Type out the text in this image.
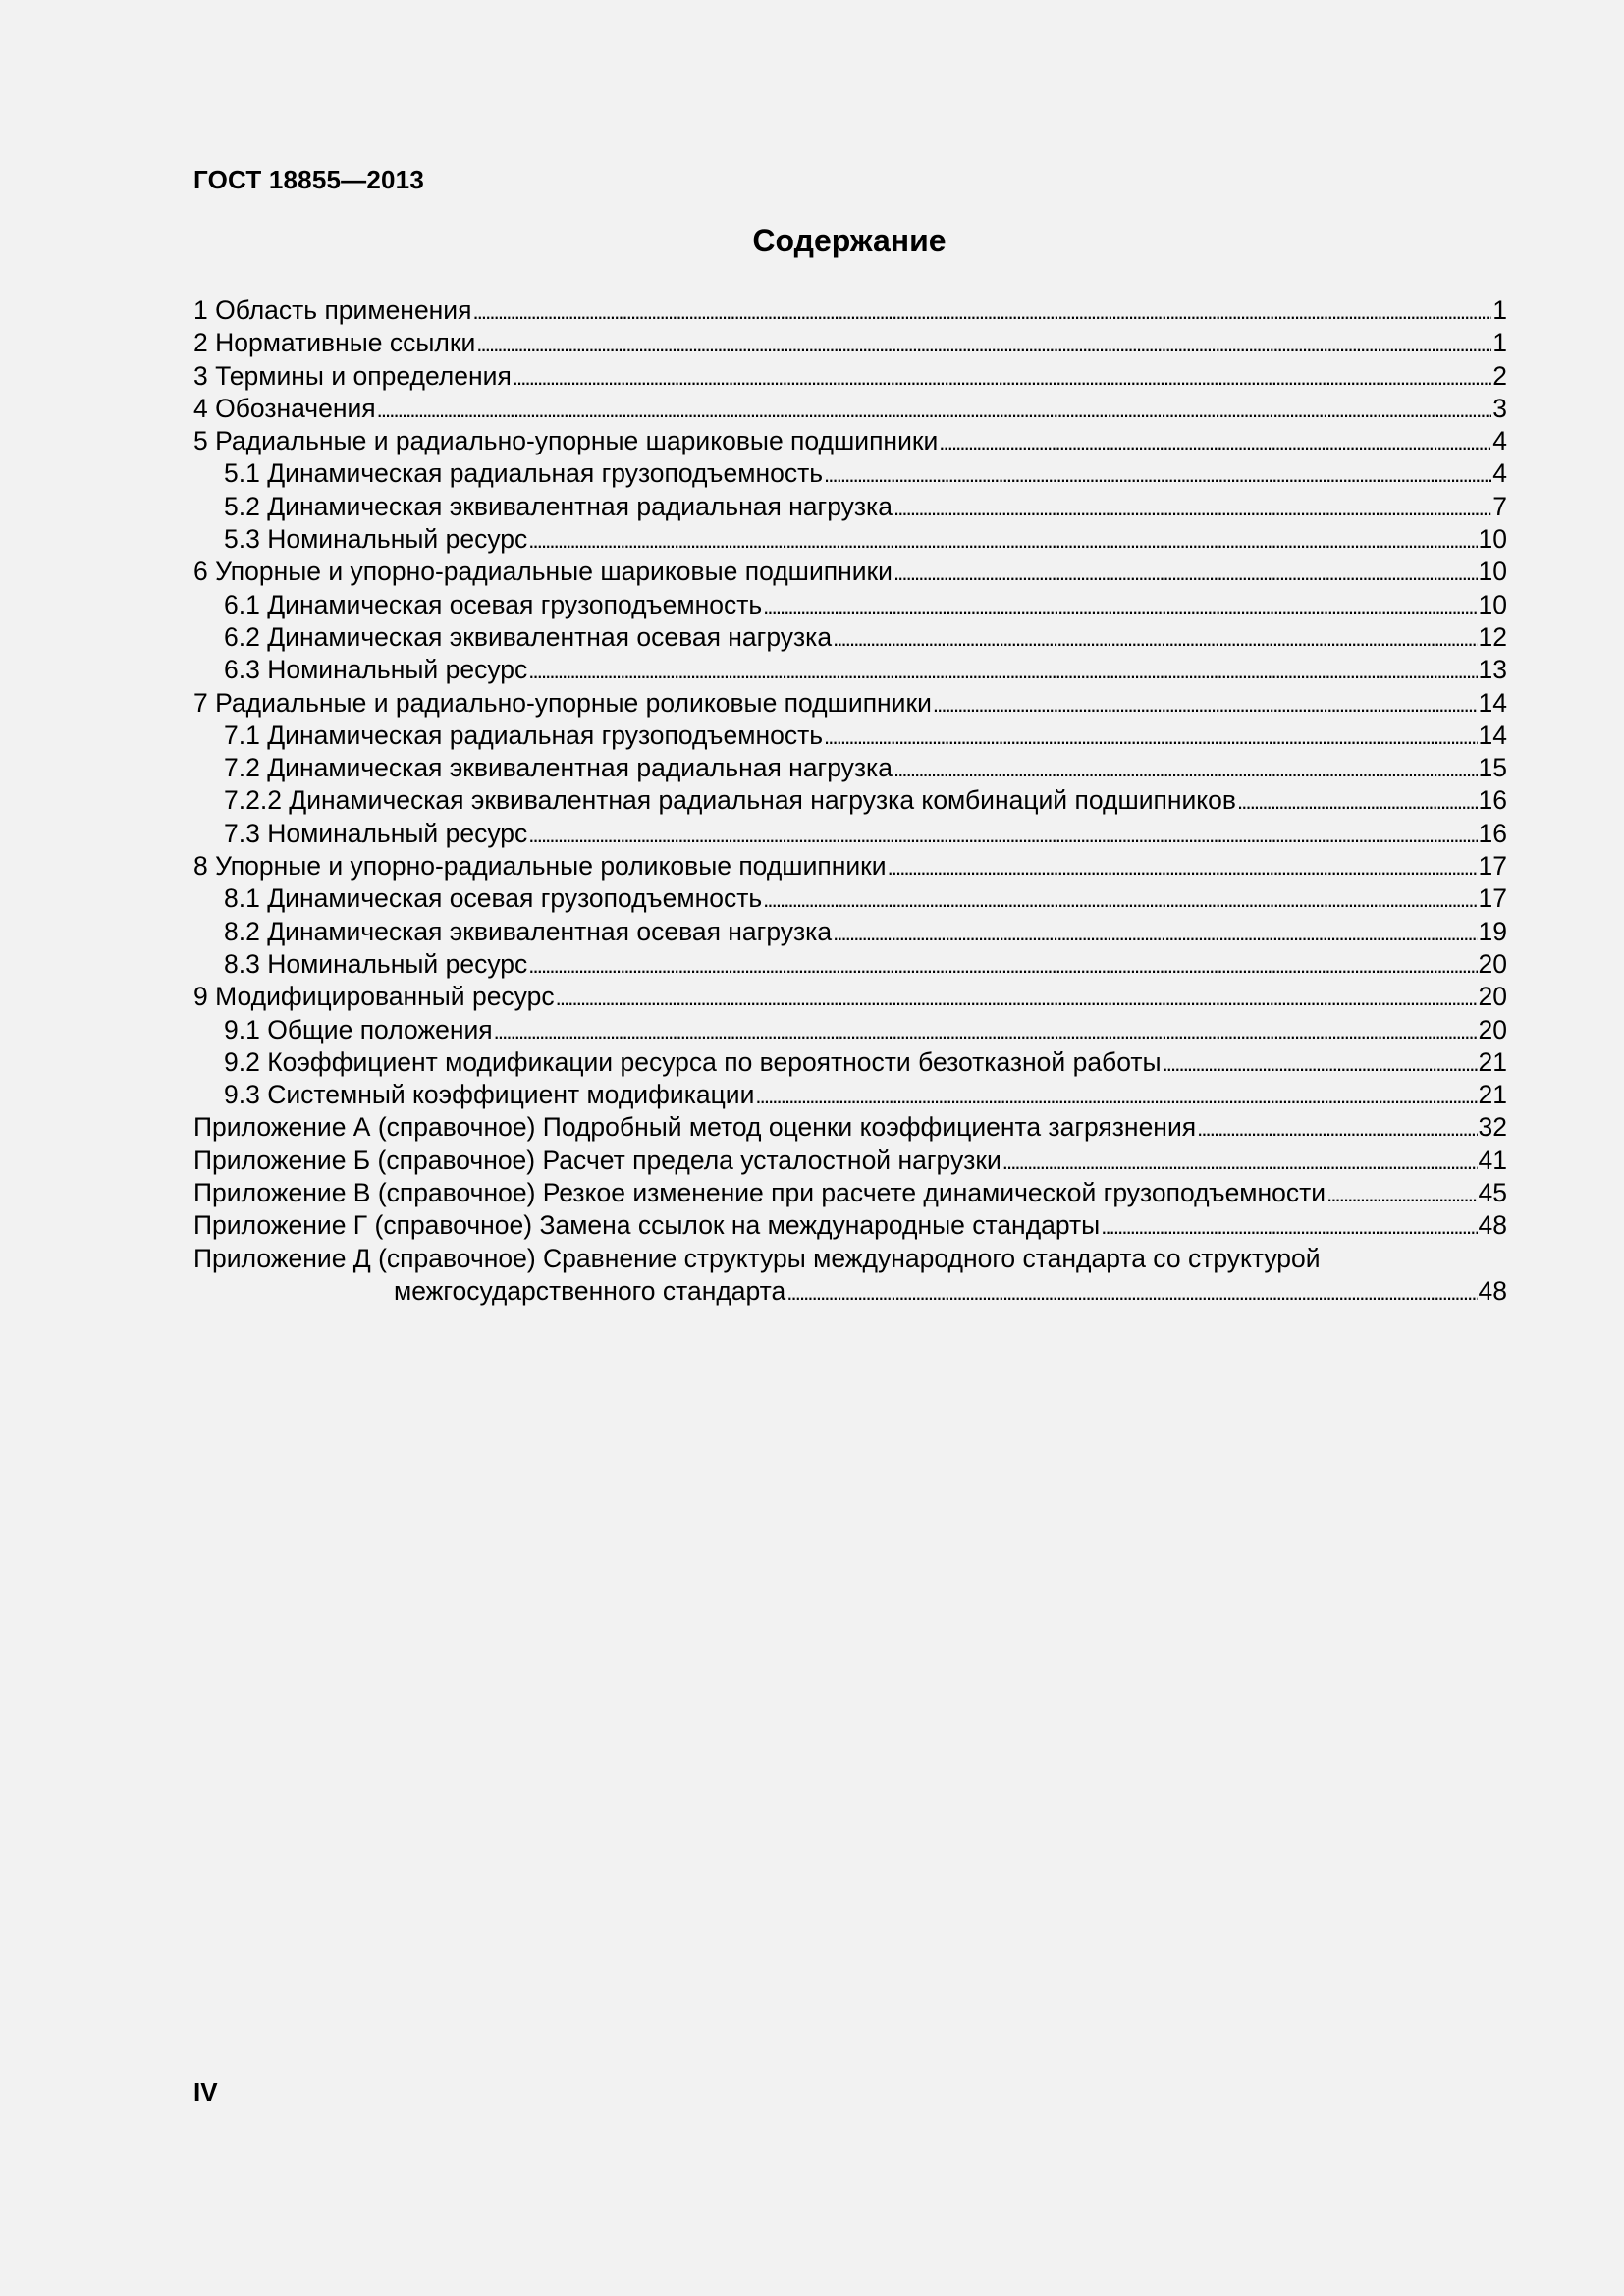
ГОСТ 18855—2013
Содержание
1 Область применения . . .	1
2 Нормативные ссылки . . .	1
3 Термины и определения . . .	2
4 Обозначения . . .	3
5 Радиальные и радиально-упорные шариковые подшипники . . .	4
5.1 Динамическая радиальная грузоподъемность . . .	4
5.2 Динамическая эквивалентная радиальная нагрузка . . .	7
5.3 Номинальный ресурс . . .	10
6 Упорные и упорно-радиальные шариковые подшипники . . .	10
6.1 Динамическая осевая грузоподъемность . . .	10
6.2 Динамическая эквивалентная осевая нагрузка . . .	12
6.3 Номинальный ресурс . . .	13
7 Радиальные и радиально-упорные роликовые подшипники . . .	14
7.1 Динамическая радиальная грузоподъемность . . .	14
7.2 Динамическая эквивалентная радиальная нагрузка . . .	15
7.2.2 Динамическая эквивалентная радиальная нагрузка комбинаций подшипников . . .	16
7.3 Номинальный ресурс . . .	16
8 Упорные и упорно-радиальные роликовые подшипники . . .	17
8.1 Динамическая осевая грузоподъемность . . .	17
8.2 Динамическая эквивалентная осевая нагрузка . . .	19
8.3 Номинальный ресурс . . .	20
9 Модифицированный ресурс . . .	20
9.1 Общие положения . . .	20
9.2 Коэффициент модификации ресурса по вероятности безотказной работы . . .	21
9.3 Системный коэффициент модификации . . .	21
Приложение А (справочное) Подробный метод оценки коэффициента загрязнения . . .	32
Приложение Б (справочное) Расчет предела усталостной нагрузки . . .	41
Приложение В (справочное) Резкое изменение при расчете динамической грузоподъемности . . .	45
Приложение Г (справочное) Замена ссылок на международные стандарты . . .	48
Приложение Д (справочное) Сравнение структуры международного стандарта со структурой
межгосударственного стандарта . . .	48
IV
